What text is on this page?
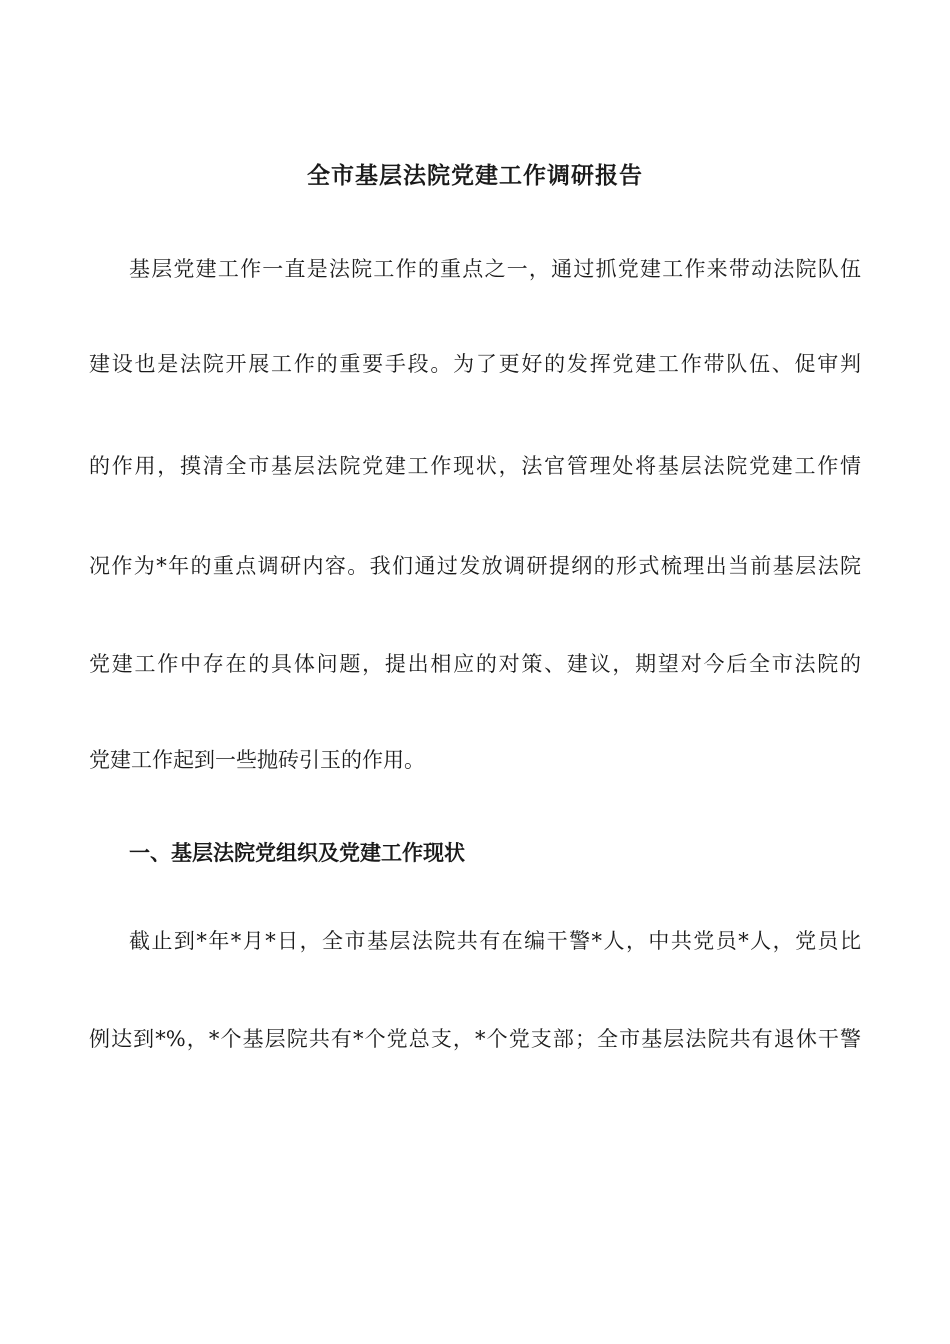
全市基层法院党建工作调研报告
基层党建工作一直是法院工作的重点之一，通过抓党建工作来带动法院队伍
建设也是法院开展工作的重要手段。为了更好的发挥党建工作带队伍、促审判
的作用，摸清全市基层法院党建工作现状，法官管理处将基层法院党建工作情
况作为*年的重点调研内容。我们通过发放调研提纲的形式梳理出当前基层法院
党建工作中存在的具体问题，提出相应的对策、建议，期望对今后全市法院的
党建工作起到一些抛砖引玉的作用。
一、基层法院党组织及党建工作现状
截止到*年*月*日，全市基层法院共有在编干警*人，中共党员*人，党员比
例达到*%，*个基层院共有*个党总支，*个党支部；全市基层法院共有退休干警
